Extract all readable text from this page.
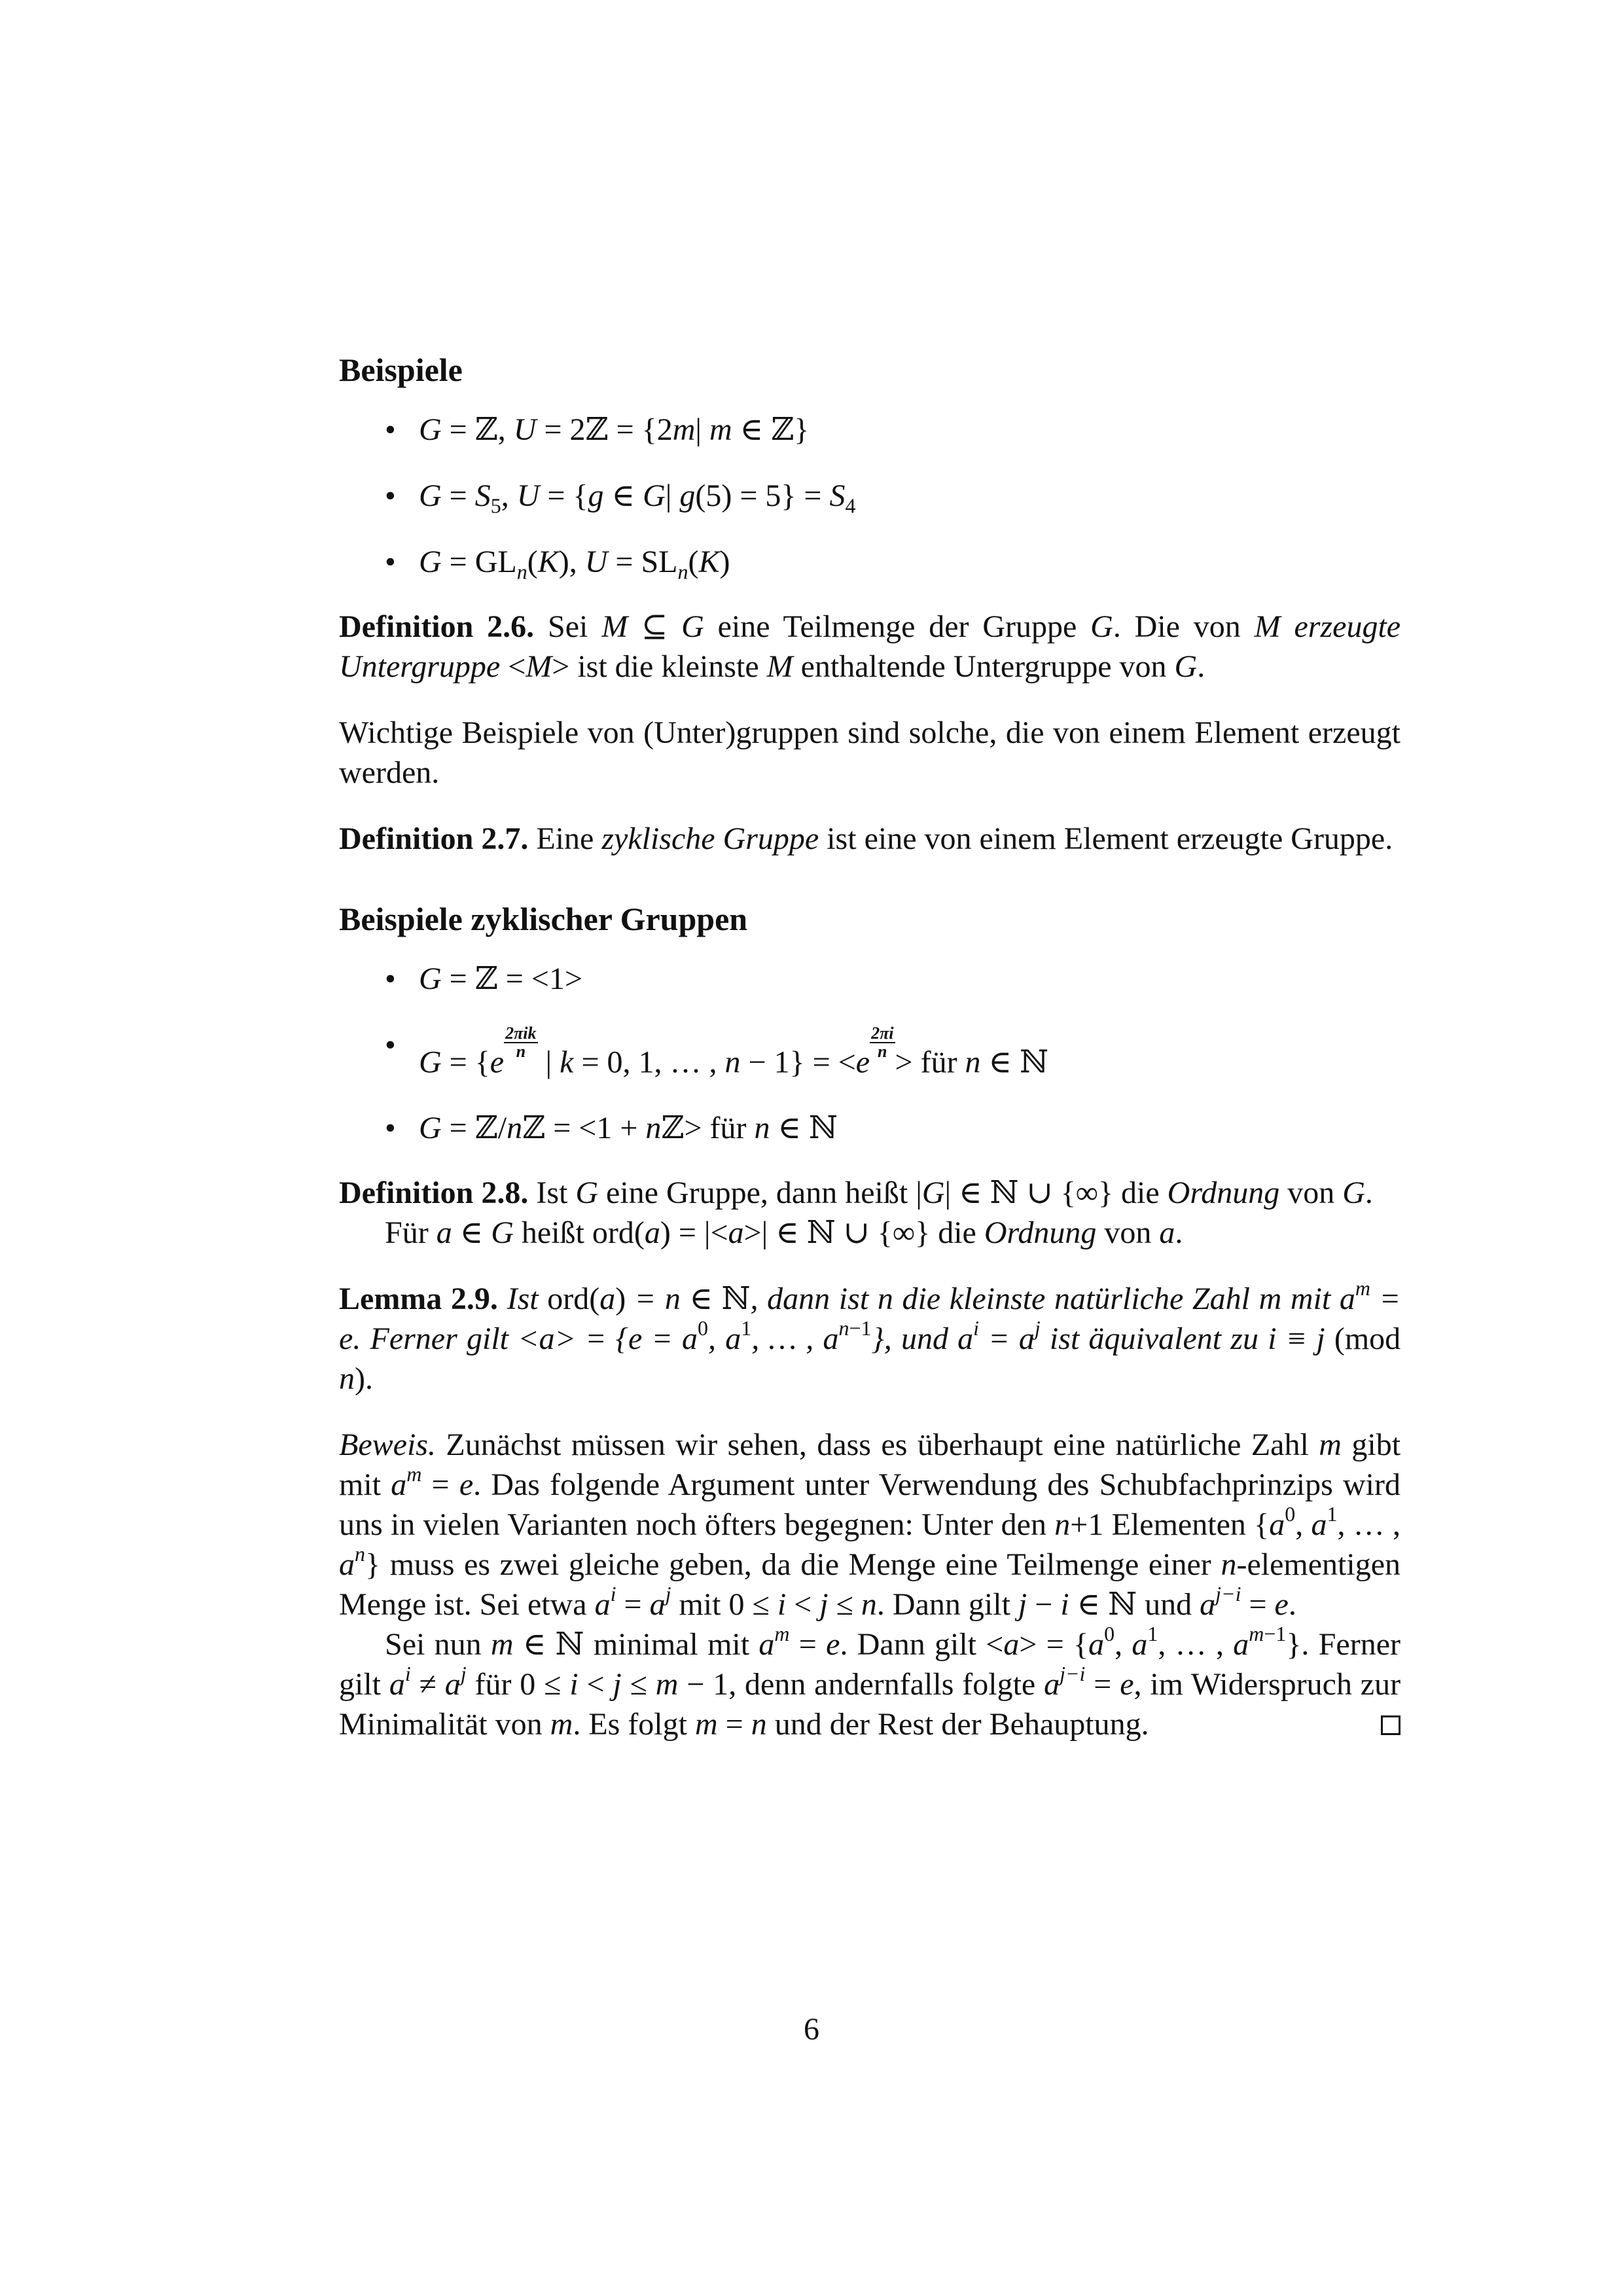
Beispiele
• G = ℤ, U = 2ℤ = {2m| m ∈ ℤ}
• $G = S_5$, U = {g ∈ G| $g(5) = 5\} = S_4$
• $G = GL_n(K)$, $U = SL_n(K)$

Definition 2.6. Sei M ⊆ G eine Teilmenge der Gruppe G. Die von M erzeugte Untergruppe <M> ist die kleinste M enthaltende Untergruppe von G.

Wichtige Beispiele von (Unter)gruppen sind solche, die von einem Element erzeugt werden.

Definition 2.7. Eine zyklische Gruppe ist eine von einem Element erzeugte Gruppe.

Beispiele zyklischer Gruppen
• G = ℤ = <1>
• G = {e
$\frac{\text{2πik}}{n}$
| k = 0, 1, … , n − 1} = <e
$\frac{2\pi i}{n}$
> für n ∈ ℕ
• G = ℤ/nℤ = <1 + nℤ> für n ∈ ℕ

Definition 2.8. Ist G eine Gruppe, dann heißt |G| ∈ ℕ ∪ {∞} die Ordnung von G.

Für a ∈ G heißt ord(a) = |<a>| ∈ ℕ ∪ {∞} die Ordnung von a.

Lemma 2.9. Ist ord(a) = n ∈ ℕ, dann ist n die kleinste natürliche Zahl m mit $a^m = e$. Ferner gilt $<a> = \{e = a^0$, $a^1$, … , $a^{n-1}$}, und $a^i = a^j$ ist äquivalent zu i ≡ j (mod n).

Beweis. Zunächst müssen wir sehen, dass es überhaupt eine natürliche Zahl m gibt mit $a^m = e$. Das folgende Argument unter Verwendung des Schubfachprinzips wird uns in vielen Varianten noch öfters begegnen: Unter den n+1 Elementen {$a^0$, $a^1$, … , $a^n$} muss es zwei gleiche geben, da die Menge eine Teilmenge einer n-elementigen Menge ist. Sei etwa $a^i = a^j$ mit 0 ≤ i < j ≤ n. Dann gilt j − i ∈ ℕ und $a^{j-i} = e$.

Sei nun m ∈ ℕ minimal mit $a^m = e$. Dann gilt $<a> = \{a^0$, $a^1$, … , $a^{m-1}$}. Ferner gilt $a^i \ne a^j$ für 0 ≤ i < j ≤ m − 1, denn andernfalls folgte $a^{j-i} = e$, im Widerspruch zur Minimalität von m. Es folgt m = n und der Rest der Behauptung.

6
